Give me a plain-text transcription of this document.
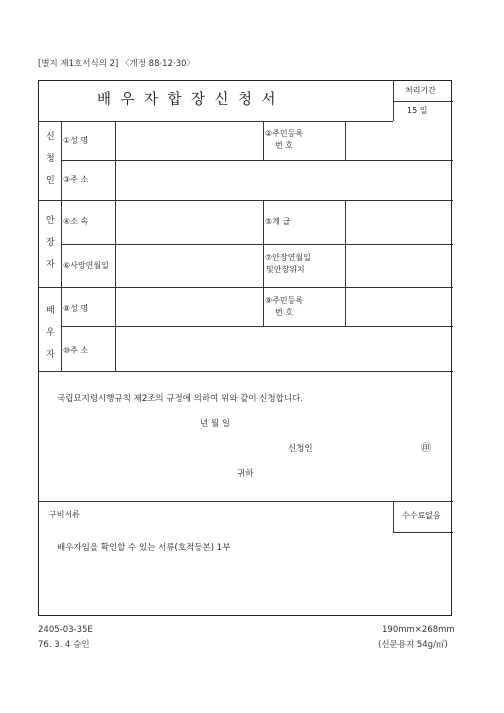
[별지 제1호서식의 2] 〈개정 88·12·30〉
배우자합장신청서
처리기간
15 일
신
청
인
①성 명
②주민등록
번 호
③주 소
안
장
자
④소 속	⑤계 급
⑥사망연월일
⑦안장연월일
및안장위치
배
우
자
⑧성 명
⑨주민등록
번 호
⑩주 소
국립묘지령시행규칙 제2조의 규정에 의하여 위와 같이 신청합니다.
년 월 일
신청인	㊞
귀하
구비서류
배우자임을 확인할 수 있는 서류(호적등본) 1부
수수료없음
2405-03-35E
76. 3. 4 승인
190mm×268mm
(신문용지 54g/㎡)
